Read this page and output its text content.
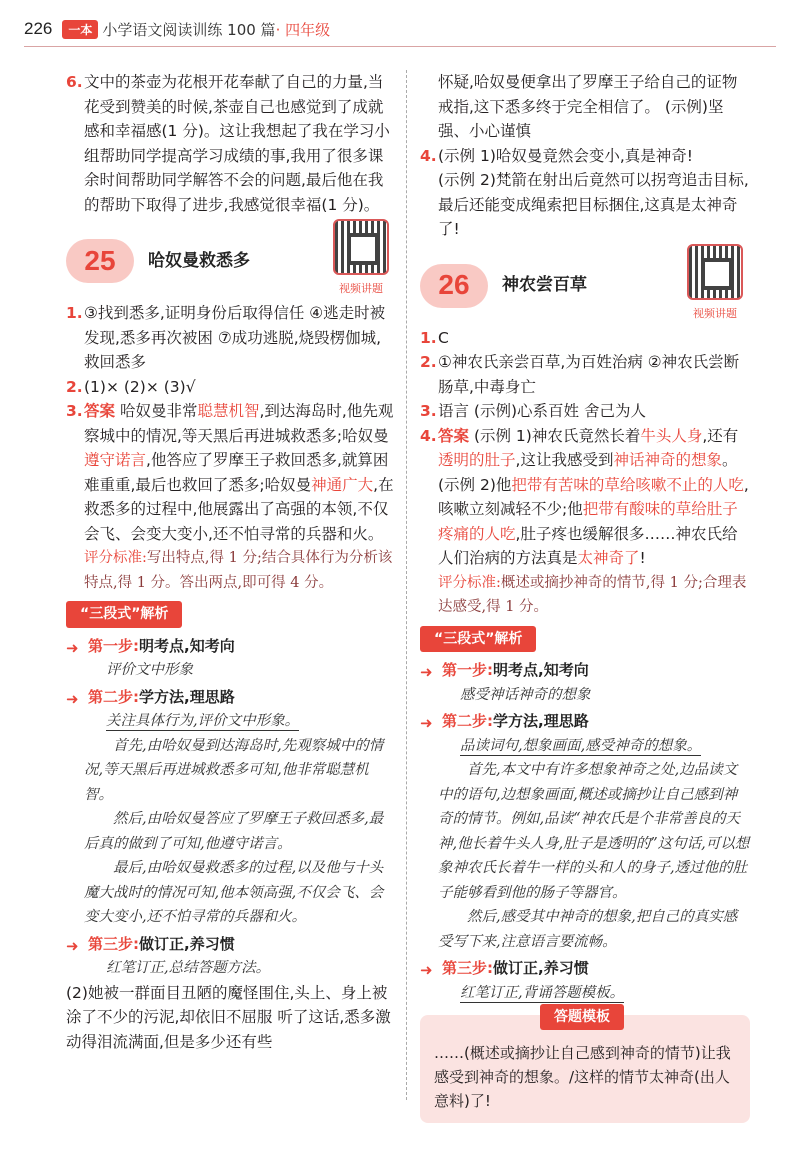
226	一本 小学语文阅读训练 100 篇 · 四年级

6. 文中的茶壶为花根开花奉献了自己的力量,当花受到赞美的时候,茶壶自己也感觉到了成就感和幸福感(1 分)。这让我想起了我在学习小组帮助同学提高学习成绩的事,我用了很多课余时间帮助同学解答不会的问题,最后他在我的帮助下取得了进步,我感觉很幸福(1 分)。

25 哈奴曼救悉多
视频讲题

1. ③找到悉多,证明身份后取得信任 ④逃走时被发现,悉多再次被困 ⑦成功逃脱,烧毁楞伽城,救回悉多

2. (1)× (2)× (3)√

3. 答案 哈奴曼非常聪慧机智,到达海岛时,他先观察城中的情况,等天黑后再进城救悉多;哈奴曼遵守诺言,他答应了罗摩王子救回悉多,就算困难重重,最后也救回了悉多;哈奴曼神通广大,在救悉多的过程中,他展露出了高强的本领,不仅会飞、会变大变小,还不怕寻常的兵器和火。

评分标准:写出特点,得 1 分;结合具体行为分析该特点,得 1 分。答出两点,即可得 4 分。

“三段式”解析
➜ 第一步:明考点,知考向
评价文中形象
➜ 第二步:学方法,理思路
关注具体行为,评价文中形象。
首先,由哈奴曼到达海岛时,先观察城中的情况,等天黑后再进城救悉多可知,他非常聪慧机智。
然后,由哈奴曼答应了罗摩王子救回悉多,最后真的做到了可知,他遵守诺言。
最后,由哈奴曼救悉多的过程,以及他与十头魔大战时的情况可知,他本领高强,不仅会飞、会变大变小,还不怕寻常的兵器和火。
➜ 第三步:做订正,养习惯
红笔订正,总结答题方法。

(2)她被一群面目丑陋的魔怪围住,头上、身上被涂了不少的污泥,却依旧不屈服 听了这话,悉多激动得泪流满面,但是多少还有些

怀疑,哈奴曼便拿出了罗摩王子给自己的证物戒指,这下悉多终于完全相信了。 (示例)坚强、小心谨慎

4. (示例 1)哈奴曼竟然会变小,真是神奇!
(示例 2)梵箭在射出后竟然可以拐弯追击目标,最后还能变成绳索把目标捆住,这真是太神奇了!

26 神农尝百草
视频讲题

1. C

2. ①神农氏亲尝百草,为百姓治病 ②神农氏尝断肠草,中毒身亡

3. 语言 (示例)心系百姓 舍己为人

4. 答案 (示例 1)神农氏竟然长着牛头人身,还有透明的肚子,这让我感受到神话神奇的想象。

(示例 2)他把带有苦味的草给咳嗽不止的人吃,咳嗽立刻减轻不少;他把带有酸味的草给肚子疼痛的人吃,肚子疼也缓解很多……神农氏给人们治病的方法真是太神奇了!

评分标准:概述或摘抄神奇的情节,得 1 分;合理表达感受,得 1 分。

“三段式”解析
➜ 第一步:明考点,知考向
感受神话神奇的想象
➜ 第二步:学方法,理思路
品读词句,想象画面,感受神奇的想象。
首先,本文中有许多想象神奇之处,边品读文中的语句,边想象画面,概述或摘抄让自己感到神奇的情节。例如,品读“神农氏是个非常善良的天神,他长着牛头人身,肚子是透明的”这句话,可以想象神农氏长着牛一样的头和人的身子,透过他的肚子能够看到他的肠子等器官。
然后,感受其中神奇的想象,把自己的真实感受写下来,注意语言要流畅。
➜ 第三步:做订正,养习惯
红笔订正,背诵答题模板。
答题模板
……(概述或摘抄让自己感到神奇的情节)让我感受到神奇的想象。/这样的情节太神奇(出人意料)了!
